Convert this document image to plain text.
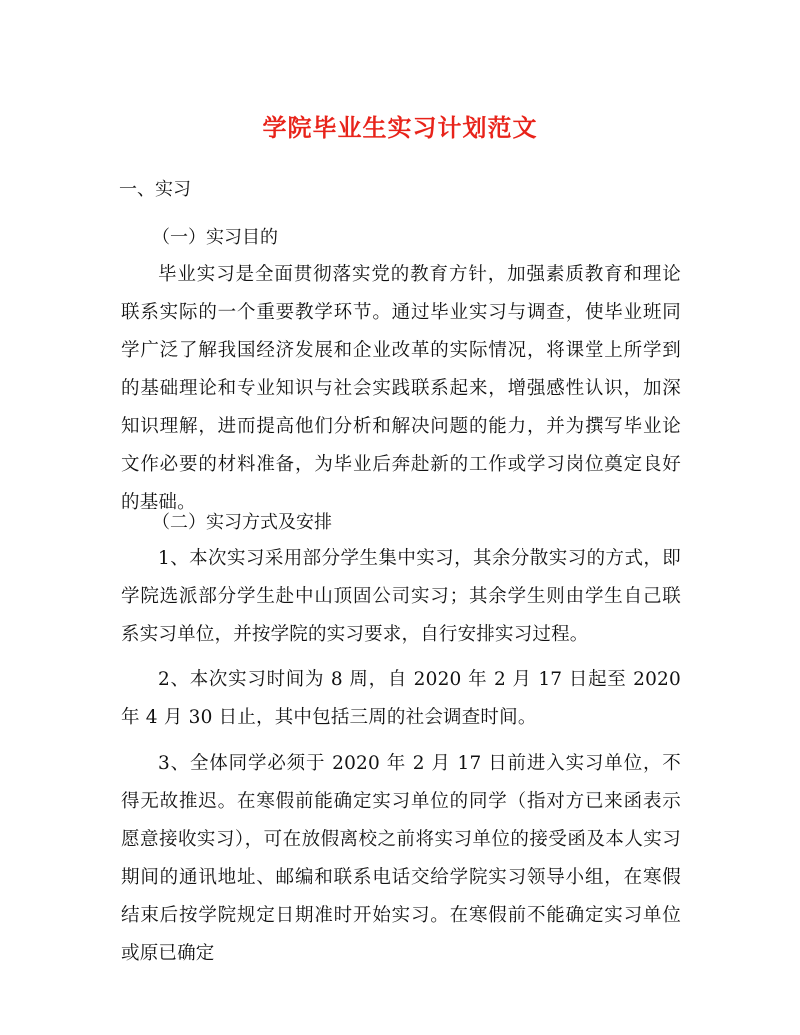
学院毕业生实习计划范文
一、实习
（一）实习目的

毕业实习是全面贯彻落实党的教育方针，加强素质教育和理论联系实际的一个重要教学环节。通过毕业实习与调查，使毕业班同学广泛了解我国经济发展和企业改革的实际情况，将课堂上所学到的基础理论和专业知识与社会实践联系起来，增强感性认识，加深知识理解，进而提高他们分析和解决问题的能力，并为撰写毕业论文作必要的材料准备，为毕业后奔赴新的工作或学习岗位奠定良好的基础。

（二）实习方式及安排

1、本次实习采用部分学生集中实习，其余分散实习的方式，即学院选派部分学生赴中山顶固公司实习；其余学生则由学生自己联系实习单位，并按学院的实习要求，自行安排实习过程。

2、本次实习时间为 8 周，自 2020 年 2 月 17 日起至 2020 年 4 月 30 日止，其中包括三周的社会调查时间。

3、全体同学必须于 2020 年 2 月 17 日前进入实习单位，不得无故推迟。在寒假前能确定实习单位的同学（指对方已来函表示愿意接收实习），可在放假离校之前将实习单位的接受函及本人实习期间的通讯地址、邮编和联系电话交给学院实习领导小组，在寒假结束后按学院规定日期准时开始实习。在寒假前不能确定实习单位或原已确定
